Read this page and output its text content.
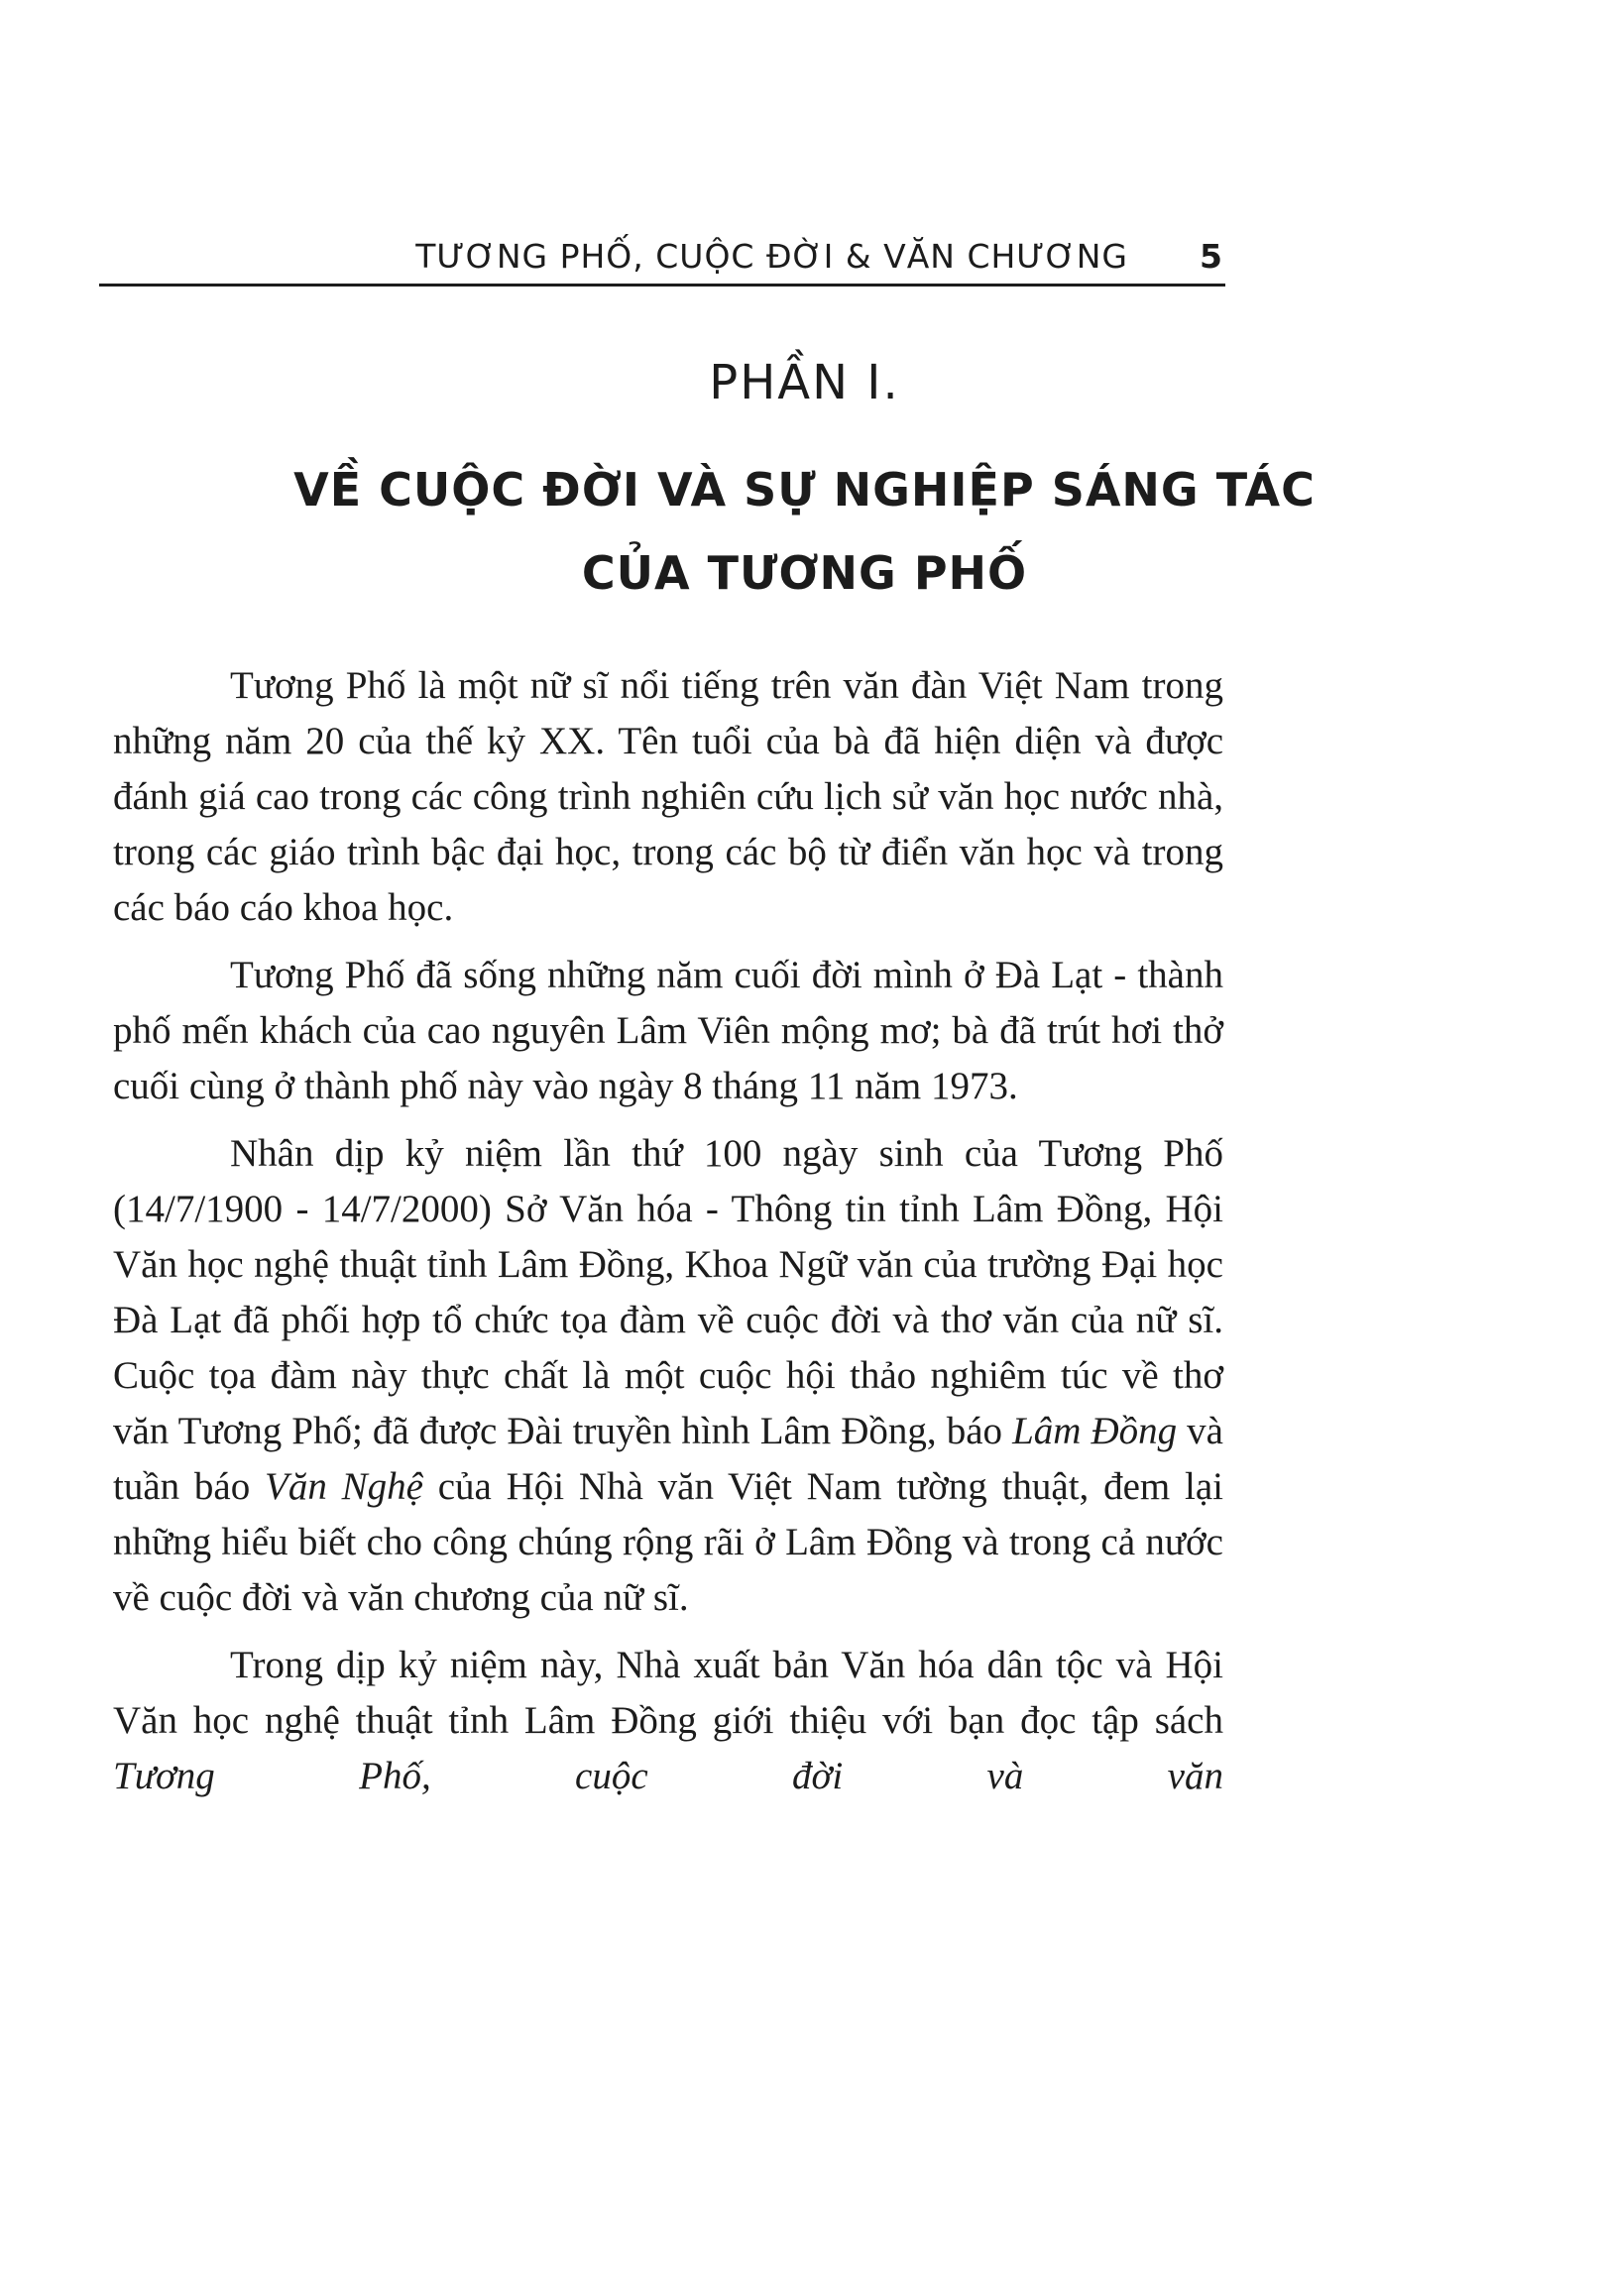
TƯƠNG PHỐ, CUỘC ĐỜI & VĂN CHƯƠNG 5
PHẦN I.
VỀ CUỘC ĐỜI VÀ SỰ NGHIỆP SÁNG TÁC
CỦA TƯƠNG PHỐ

Tương Phố là một nữ sĩ nổi tiếng trên văn đàn Việt Nam trong những năm 20 của thế kỷ XX. Tên tuổi của bà đã hiện diện và được đánh giá cao trong các công trình nghiên cứu lịch sử văn học nước nhà, trong các giáo trình bậc đại học, trong các bộ từ điển văn học và trong các báo cáo khoa học.

Tương Phố đã sống những năm cuối đời mình ở Đà Lạt - thành phố mến khách của cao nguyên Lâm Viên mộng mơ; bà đã trút hơi thở cuối cùng ở thành phố này vào ngày 8 tháng 11 năm 1973.

Nhân dịp kỷ niệm lần thứ 100 ngày sinh của Tương Phố (14/7/1900 - 14/7/2000) Sở Văn hóa - Thông tin tỉnh Lâm Đồng, Hội Văn học nghệ thuật tỉnh Lâm Đồng, Khoa Ngữ văn của trường Đại học Đà Lạt đã phối hợp tổ chức tọa đàm về cuộc đời và thơ văn của nữ sĩ. Cuộc tọa đàm này thực chất là một cuộc hội thảo nghiêm túc về thơ văn Tương Phố; đã được Đài truyền hình Lâm Đồng, báo Lâm Đồng và tuần báo Văn Nghệ của Hội Nhà văn Việt Nam tường thuật, đem lại những hiểu biết cho công chúng rộng rãi ở Lâm Đồng và trong cả nước về cuộc đời và văn chương của nữ sĩ.

Trong dịp kỷ niệm này, Nhà xuất bản Văn hóa dân tộc và Hội Văn học nghệ thuật tỉnh Lâm Đồng giới thiệu với bạn đọc tập sách Tương Phố, cuộc đời và văn
